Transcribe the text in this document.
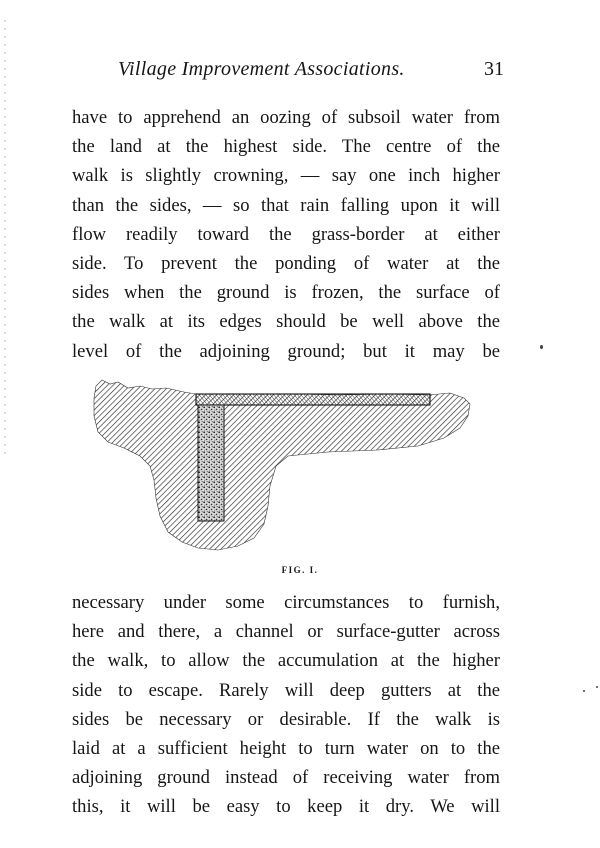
Village Improvement Associations.	31
have to apprehend an oozing of subsoil water from
the land at the highest side. The centre of the
walk is slightly crowning, — say one inch higher
than the sides, — so that rain falling upon it will
flow readily toward the grass-border at either
side. To prevent the ponding of water at the
sides when the ground is frozen, the surface of
the walk at its edges should be well above the
level of the adjoining ground; but it may be
FIG. I.
necessary under some circumstances to furnish,
here and there, a channel or surface-gutter across
the walk, to allow the accumulation at the higher
side to escape. Rarely will deep gutters at the
sides be necessary or desirable. If the walk is
laid at a sufficient height to turn water on to the
adjoining ground instead of receiving water from
this, it will be easy to keep it dry. We will
